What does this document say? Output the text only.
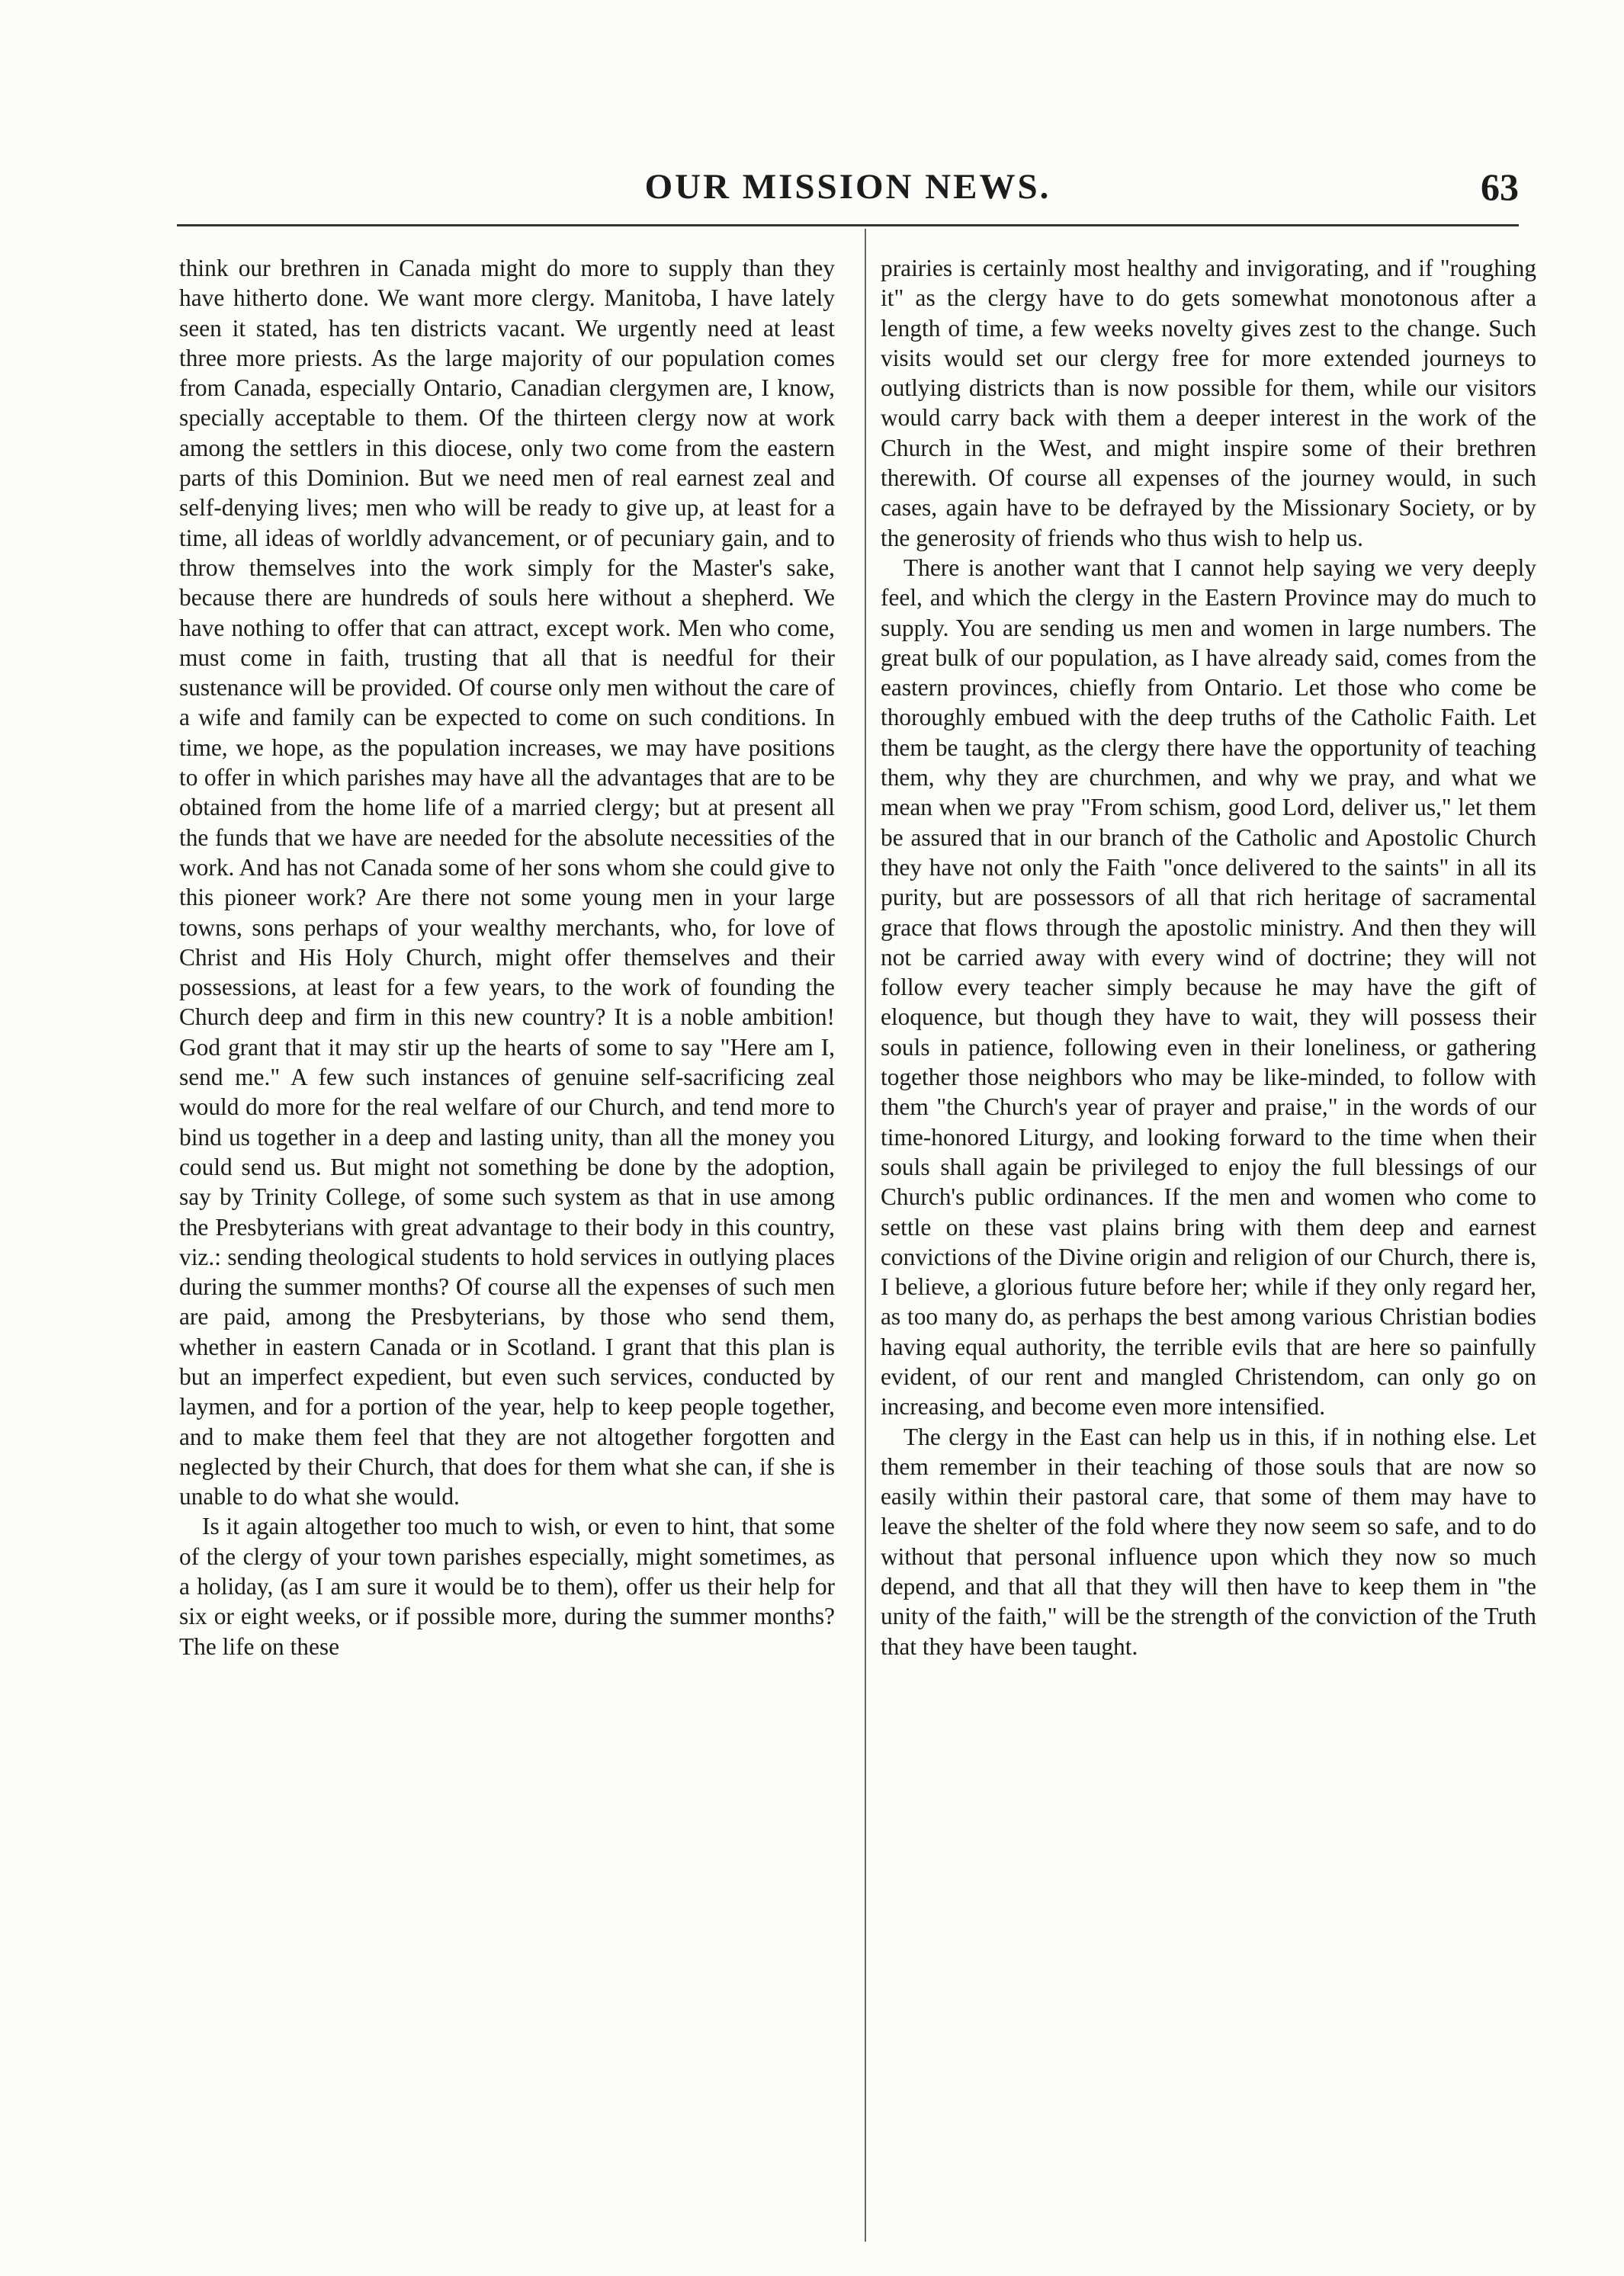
OUR MISSION NEWS.	63

think our brethren in Canada might do more to supply than they have hitherto done. We want more clergy. Manitoba, I have lately seen it stated, has ten districts vacant. We urgently need at least three more priests. As the large majority of our population comes from Canada, especially Ontario, Canadian clergymen are, I know, specially acceptable to them. Of the thirteen clergy now at work among the settlers in this diocese, only two come from the eastern parts of this Dominion. But we need men of real earnest zeal and self-denying lives; men who will be ready to give up, at least for a time, all ideas of worldly advancement, or of pecuniary gain, and to throw themselves into the work simply for the Master's sake, because there are hundreds of souls here without a shepherd. We have nothing to offer that can attract, except work. Men who come, must come in faith, trusting that all that is needful for their sustenance will be provided. Of course only men without the care of a wife and family can be expected to come on such conditions. In time, we hope, as the population increases, we may have positions to offer in which parishes may have all the advantages that are to be obtained from the home life of a married clergy; but at present all the funds that we have are needed for the absolute necessities of the work. And has not Canada some of her sons whom she could give to this pioneer work? Are there not some young men in your large towns, sons perhaps of your wealthy merchants, who, for love of Christ and His Holy Church, might offer themselves and their possessions, at least for a few years, to the work of founding the Church deep and firm in this new country? It is a noble ambition! God grant that it may stir up the hearts of some to say "Here am I, send me." A few such instances of genuine self-sacrificing zeal would do more for the real welfare of our Church, and tend more to bind us together in a deep and lasting unity, than all the money you could send us. But might not something be done by the adoption, say by Trinity College, of some such system as that in use among the Presbyterians with great advantage to their body in this country, viz.: sending theological students to hold services in outlying places during the summer months? Of course all the expenses of such men are paid, among the Presbyterians, by those who send them, whether in eastern Canada or in Scotland. I grant that this plan is but an imperfect expedient, but even such services, conducted by laymen, and for a portion of the year, help to keep people together, and to make them feel that they are not altogether forgotten and neglected by their Church, that does for them what she can, if she is unable to do what she would.

Is it again altogether too much to wish, or even to hint, that some of the clergy of your town parishes especially, might sometimes, as a holiday, (as I am sure it would be to them), offer us their help for six or eight weeks, or if possible more, during the summer months? The life on these

prairies is certainly most healthy and invigorating, and if "roughing it" as the clergy have to do gets somewhat monotonous after a length of time, a few weeks novelty gives zest to the change. Such visits would set our clergy free for more extended journeys to outlying districts than is now possible for them, while our visitors would carry back with them a deeper interest in the work of the Church in the West, and might inspire some of their brethren therewith. Of course all expenses of the journey would, in such cases, again have to be defrayed by the Missionary Society, or by the generosity of friends who thus wish to help us.

There is another want that I cannot help saying we very deeply feel, and which the clergy in the Eastern Province may do much to supply. You are sending us men and women in large numbers. The great bulk of our population, as I have already said, comes from the eastern provinces, chiefly from Ontario. Let those who come be thoroughly embued with the deep truths of the Catholic Faith. Let them be taught, as the clergy there have the opportunity of teaching them, why they are churchmen, and why we pray, and what we mean when we pray "From schism, good Lord, deliver us," let them be assured that in our branch of the Catholic and Apostolic Church they have not only the Faith "once delivered to the saints" in all its purity, but are possessors of all that rich heritage of sacramental grace that flows through the apostolic ministry. And then they will not be carried away with every wind of doctrine; they will not follow every teacher simply because he may have the gift of eloquence, but though they have to wait, they will possess their souls in patience, following even in their loneliness, or gathering together those neighbors who may be like-minded, to follow with them "the Church's year of prayer and praise," in the words of our time-honored Liturgy, and looking forward to the time when their souls shall again be privileged to enjoy the full blessings of our Church's public ordinances. If the men and women who come to settle on these vast plains bring with them deep and earnest convictions of the Divine origin and religion of our Church, there is, I believe, a glorious future before her; while if they only regard her, as too many do, as perhaps the best among various Christian bodies having equal authority, the terrible evils that are here so painfully evident, of our rent and mangled Christendom, can only go on increasing, and become even more intensified.

The clergy in the East can help us in this, if in nothing else. Let them remember in their teaching of those souls that are now so easily within their pastoral care, that some of them may have to leave the shelter of the fold where they now seem so safe, and to do without that personal influence upon which they now so much depend, and that all that they will then have to keep them in "the unity of the faith," will be the strength of the conviction of the Truth that they have been taught.
